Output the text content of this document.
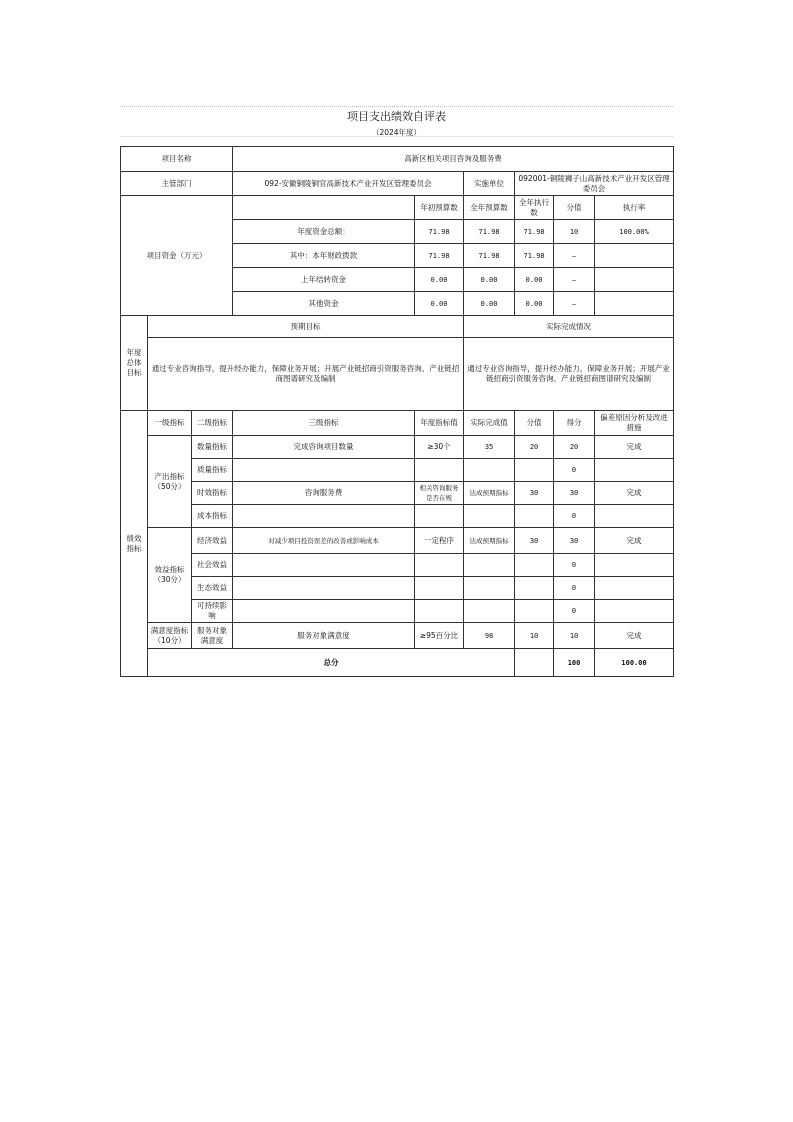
项目支出绩效自评表
（2024年度）
项目名称			高新区相关项目咨询及服务费						
主管部门			092-安徽铜陵铜官高新技术产业开发区管理委员会		实施单位	092001-铜陵狮子山高新技术产业开发区管理委员会			
项目资金（万元）				年初预算数	全年预算数	全年执行数	分值	执行率	
			年度资金总额：	71.98	71.98	71.98	10	100.00%	
			其中：本年财政拨款	71.98	71.98	71.98	–		
			上年结转资金	0.00	0.00	0.00	–		
			其他资金	0.00	0.00	0.00	–		
年度总体目标	预期目标				实际完成情况				
	通过专业咨询指导，提升经办能力，保障业务开展；开展产业链招商引资服务咨询、产业链招商图谱研究及编制				通过专业咨询指导，提升经办能力，保障业务开展；开展产业链招商引资服务咨询、产业链招商图谱研究及编制				
绩效指标	一级指标	二级指标	三级指标	年度指标值	实际完成值	分值	得分	偏差原因分析及改进措施	
	产出指标（50分）	数量指标	完成咨询项目数量	≥30个	35	20	20	完成	
		质量指标					0		
		时效指标	咨询服务费	相关咨询服务是否在规	达成预期指标	30	30	完成	
		成本指标					0		
	效益指标（30分）	经济效益	对减少项目投资误差的改善或影响成本	一定程序	达成预期指标	30	30	完成	
		社会效益					0		
		生态效益					0		
		可持续影响					0		
	满意度指标（10分）	服务对象满意度	服务对象满意度	≥95百分比	98	10	10	完成	
	总分						100	100.00	
